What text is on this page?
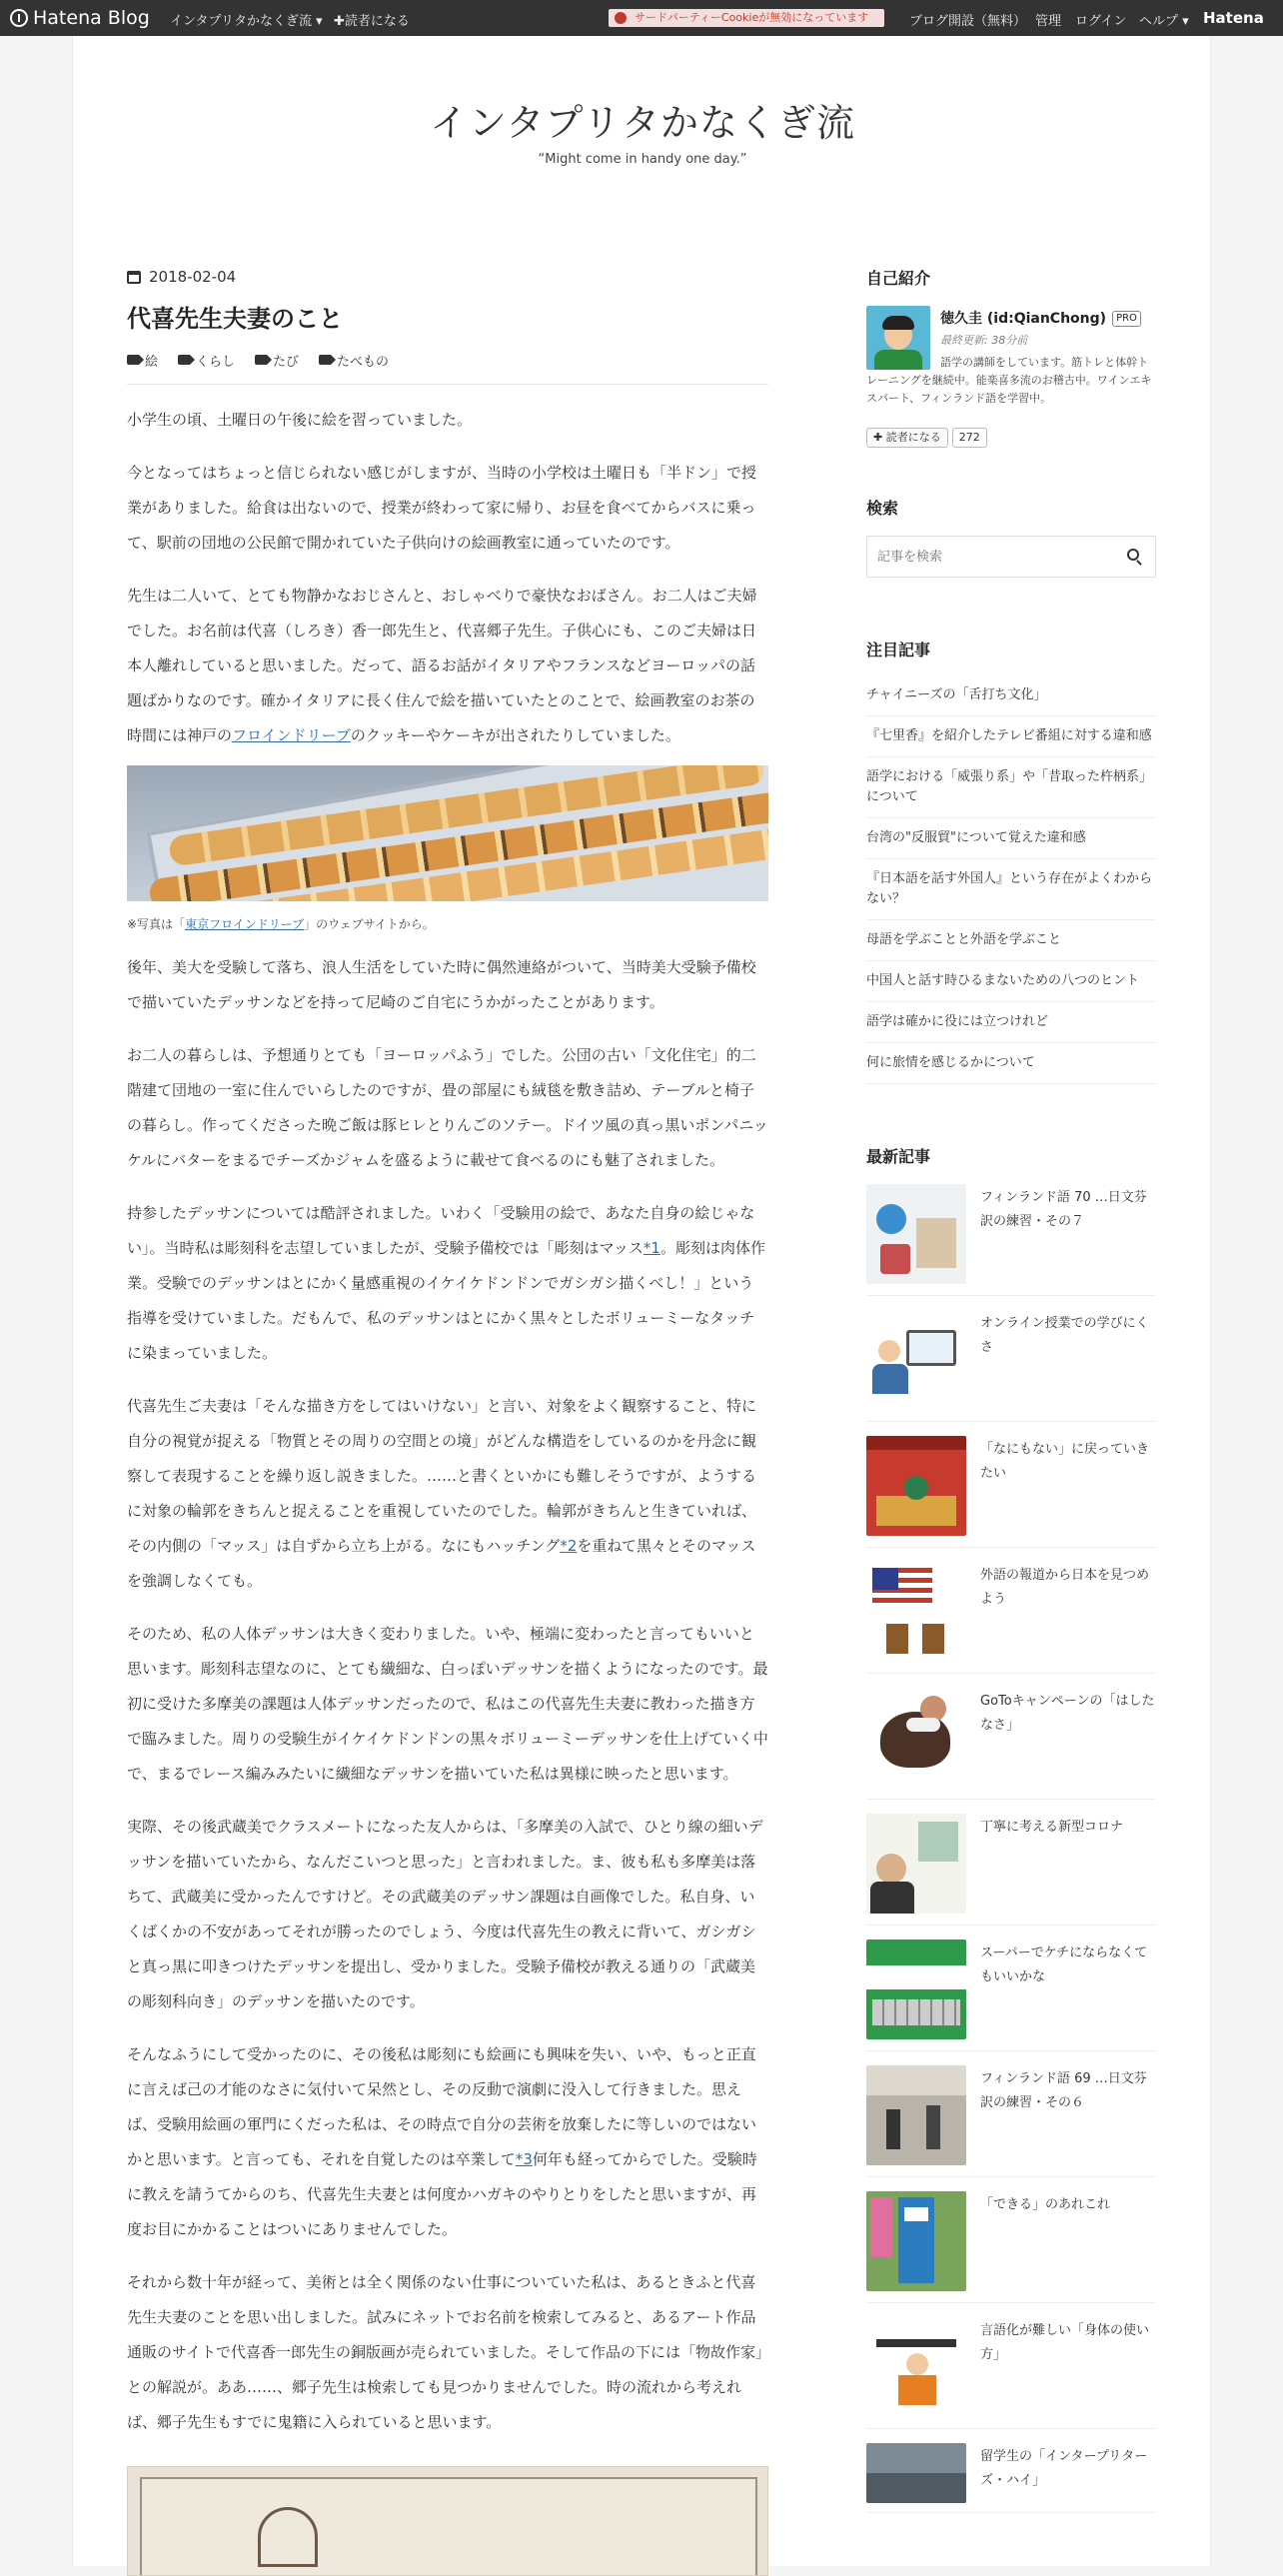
Hatena Blog インタプリタかなくぎ流 ▾ ✚読者になる	サードパーティーCookieが無効になっています	ブログ開設（無料） 管理 ログイン ヘルプ ▾ Hatena
インタプリタかなくぎ流
“Might come in handy one day.”
2018-02-04
代喜先生夫妻のこと
絵	くらし	たび	たべもの
小学生の頃、土曜日の午後に絵を習っていました。
今となってはちょっと信じられない感じがしますが、当時の小学校は土曜日も「半ドン」で授業がありました。給食は出ないので、授業が終わって家に帰り、お昼を食べてからバスに乗って、駅前の団地の公民館で開かれていた子供向けの絵画教室に通っていたのです。
先生は二人いて、とても物静かなおじさんと、おしゃべりで豪快なおばさん。お二人はご夫婦でした。お名前は代喜（しろき）香一郎先生と、代喜郷子先生。子供心にも、このご夫婦は日本人離れしていると思いました。だって、語るお話がイタリアやフランスなどヨーロッパの話題ばかりなのです。確かイタリアに長く住んで絵を描いていたとのことで、絵画教室のお茶の時間には神戸のフロインドリーブのクッキーやケーキが出されたりしていました。
※写真は「東京フロインドリーブ」のウェブサイトから。
後年、美大を受験して落ち、浪人生活をしていた時に偶然連絡がついて、当時美大受験予備校で描いていたデッサンなどを持って尼崎のご自宅にうかがったことがあります。
お二人の暮らしは、予想通りとても「ヨーロッパふう」でした。公団の古い「文化住宅」的二階建て団地の一室に住んでいらしたのですが、畳の部屋にも絨毯を敷き詰め、テーブルと椅子の暮らし。作ってくださった晩ご飯は豚ヒレとりんごのソテー。ドイツ風の真っ黒いポンパニッケルにバターをまるでチーズかジャムを盛るように載せて食べるのにも魅了されました。
持参したデッサンについては酷評されました。いわく「受験用の絵で、あなた自身の絵じゃない」。当時私は彫刻科を志望していましたが、受験予備校では「彫刻はマッス*1。彫刻は肉体作業。受験でのデッサンはとにかく量感重視のイケイケドンドンでガシガシ描くべし！」という指導を受けていました。だもんで、私のデッサンはとにかく黒々としたボリューミーなタッチに染まっていました。
代喜先生ご夫妻は「そんな描き方をしてはいけない」と言い、対象をよく観察すること、特に自分の視覚が捉える「物質とその周りの空間との境」がどんな構造をしているのかを丹念に観察して表現することを繰り返し説きました。……と書くといかにも難しそうですが、ようするに対象の輪郭をきちんと捉えることを重視していたのでした。輪郭がきちんと生きていれば、その内側の「マッス」は自ずから立ち上がる。なにもハッチング*2を重ねて黒々とそのマッスを強調しなくても。
そのため、私の人体デッサンは大きく変わりました。いや、極端に変わったと言ってもいいと思います。彫刻科志望なのに、とても繊細な、白っぽいデッサンを描くようになったのです。最初に受けた多摩美の課題は人体デッサンだったので、私はこの代喜先生夫妻に教わった描き方で臨みました。周りの受験生がイケイケドンドンの黒々ボリューミーデッサンを仕上げていく中で、まるでレース編みみたいに繊細なデッサンを描いていた私は異様に映ったと思います。
実際、その後武蔵美でクラスメートになった友人からは、「多摩美の入試で、ひとり線の細いデッサンを描いていたから、なんだこいつと思った」と言われました。ま、彼も私も多摩美は落ちて、武蔵美に受かったんですけど。その武蔵美のデッサン課題は自画像でした。私自身、いくばくかの不安があってそれが勝ったのでしょう、今度は代喜先生の教えに背いて、ガシガシと真っ黒に叩きつけたデッサンを提出し、受かりました。受験予備校が教える通りの「武蔵美の彫刻科向き」のデッサンを描いたのです。
そんなふうにして受かったのに、その後私は彫刻にも絵画にも興味を失い、いや、もっと正直に言えば己の才能のなさに気付いて呆然とし、その反動で演劇に没入して行きました。思えば、受験用絵画の軍門にくだった私は、その時点で自分の芸術を放棄したに等しいのではないかと思います。と言っても、それを自覚したのは卒業して*3何年も経ってからでした。受験時に教えを請うてからのち、代喜先生夫妻とは何度かハガキのやりとりをしたと思いますが、再度お目にかかることはついにありませんでした。
それから数十年が経って、美術とは全く関係のない仕事についていた私は、あるときふと代喜先生夫妻のことを思い出しました。試みにネットでお名前を検索してみると、あるアート作品通販のサイトで代喜香一郎先生の銅版画が売られていました。そして作品の下には「物故作家」との解説が。ああ……、郷子先生は検索しても見つかりませんでした。時の流れから考えれば、郷子先生もすでに鬼籍に入られていると思います。
自己紹介
徳久圭 (id:QianChong) PRO
最終更新: 38分前
語学の講師をしています。筋トレと体幹トレーニングを継続中。能楽喜多流のお稽古中。ワインエキスパート、フィンランド語を学習中。
✚ 読者になる	272
検索
記事を検索
注目記事
チャイニーズの「舌打ち文化」
『七里香』を紹介したテレビ番組に対する違和感
語学における「威張り系」や「昔取った杵柄系」について
台湾の"反服貿"について覚えた違和感
『日本語を話す外国人』という存在がよくわからない？
母語を学ぶことと外語を学ぶこと
中国人と話す時ひるまないための八つのヒント
語学は確かに役には立つけれど
何に旅情を感じるかについて
最新記事
フィンランド語 70 …日文芬訳の練習・その７
オンライン授業での学びにくさ
「なにもない」に戻っていきたい
外語の報道から日本を見つめよう
GoToキャンペーンの「はしたなさ」
丁寧に考える新型コロナ
スーパーでケチにならなくてもいいかな
フィンランド語 69 …日文芬訳の練習・その６
「できる」のあれこれ
言語化が難しい「身体の使い方」
留学生の「インタープリターズ・ハイ」
